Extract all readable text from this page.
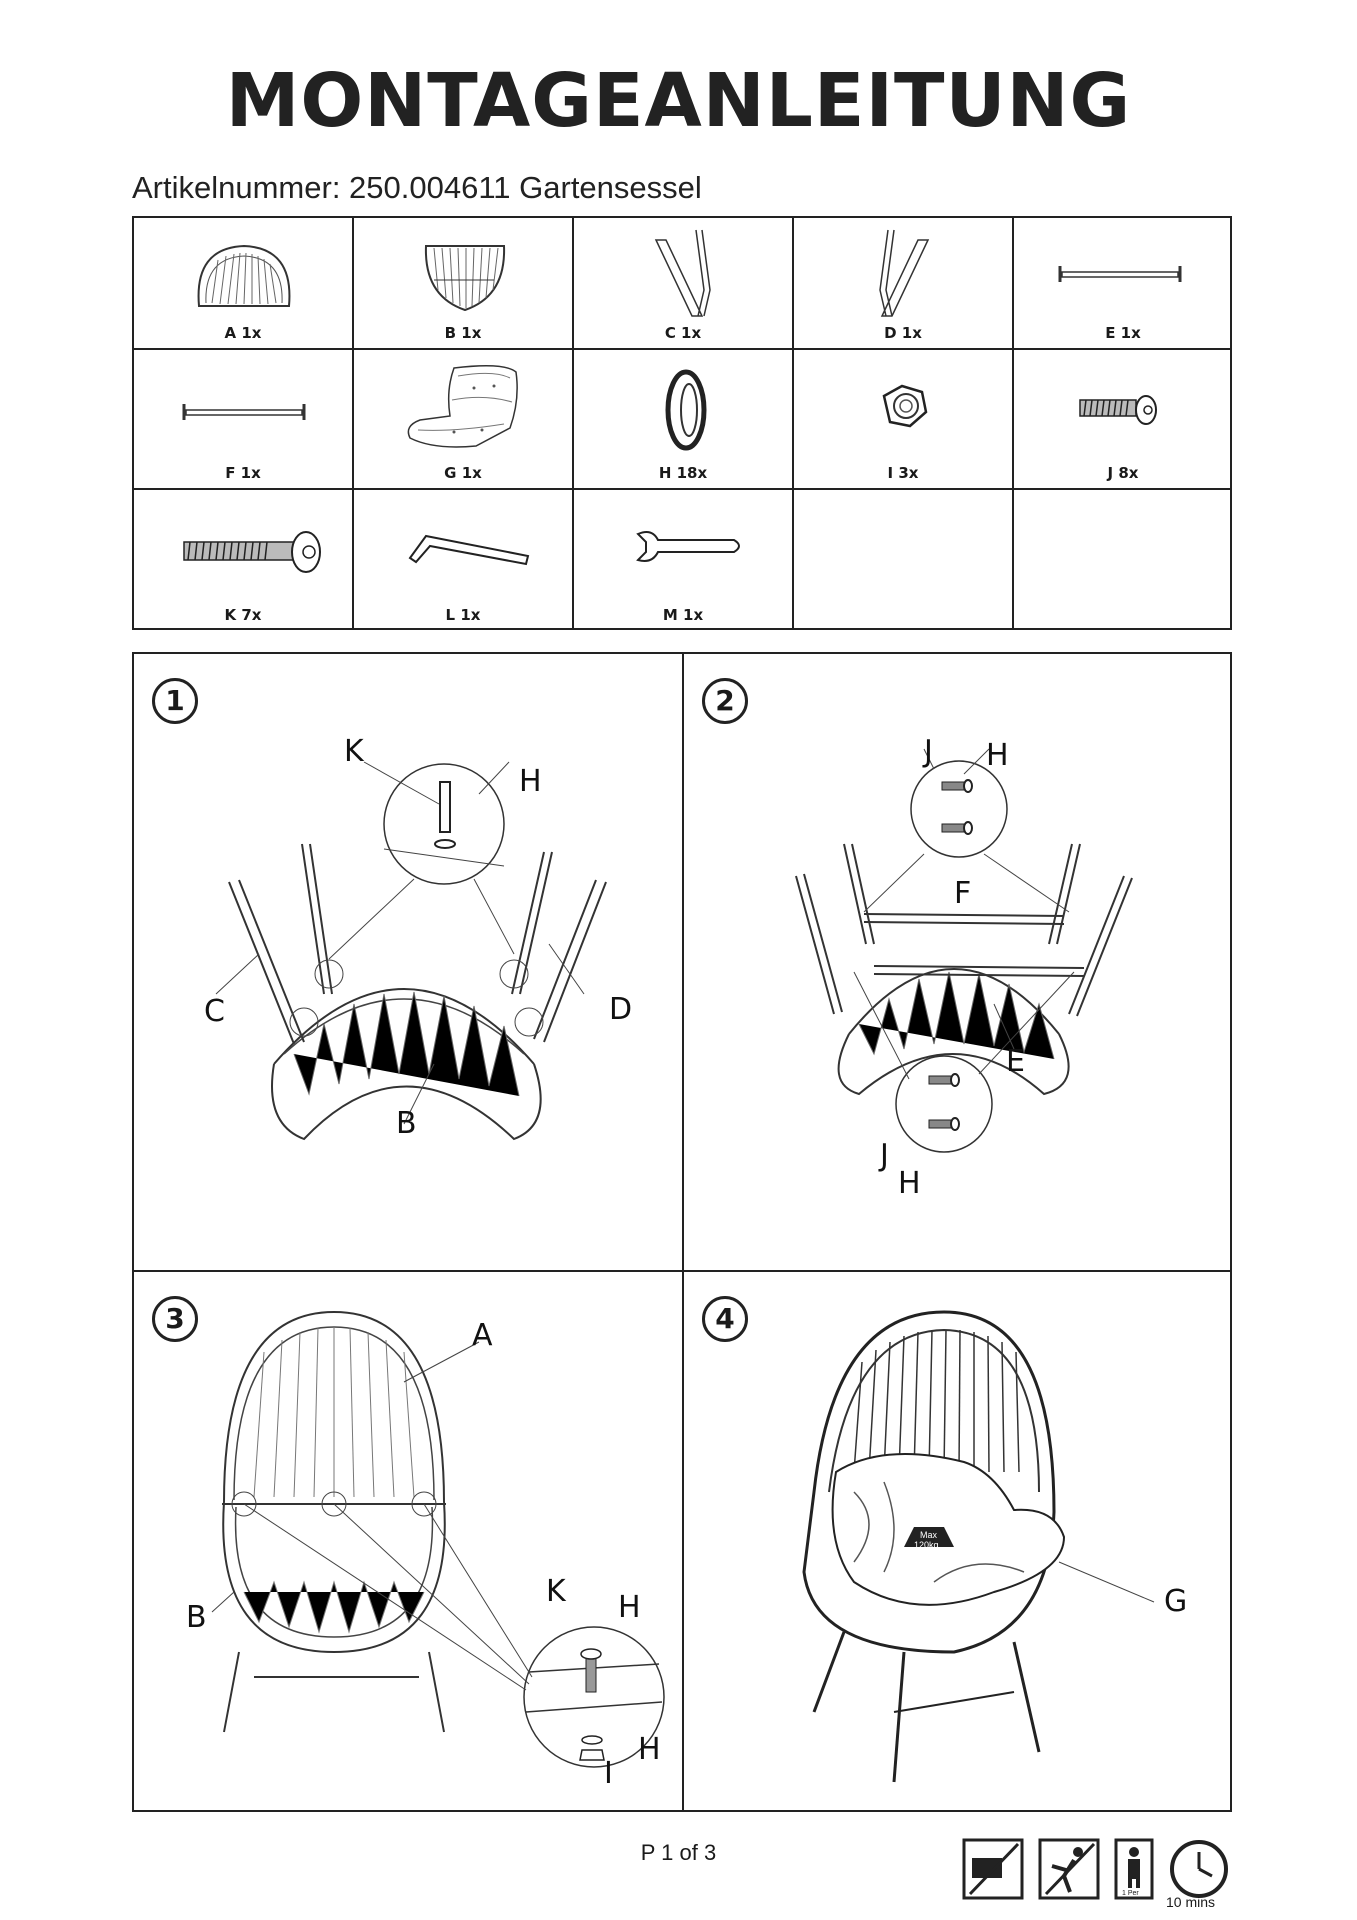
MONTAGEANLEITUNG
Artikelnummer: 250.004611 Gartensessel
A 1x	B 1x	C 1x	D 1x	E 1x
F 1x	G 1x	H 18x	I 3x	J 8x
K 7x	L 1x	M 1x
1
K
H
C	D
B
2
J H
F
E
J
H
3	A
B
K H
H
I
4
Max
120kg
G
P 1 of 3
1 Per
10 mins
